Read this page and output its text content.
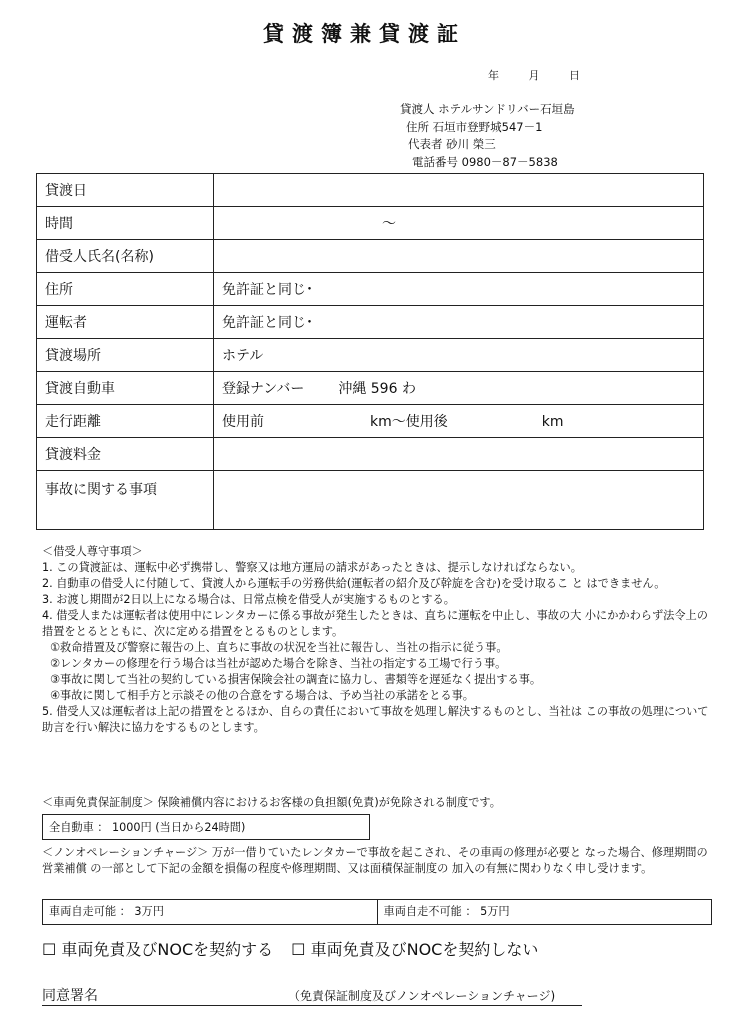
貸渡簿兼貸渡証
年 月 日
貸渡人 ホテルサンドリバー石垣島
住所 石垣市登野城547－1
代表者 砂川 榮三
電話番号 0980－87－5838
貸渡日	
時間	～
借受人氏名(名称)	
住所	免許証と同じ･
運転者	免許証と同じ･
貸渡場所	ホテル
貸渡自動車	登録ナンバー 沖縄 596 わ
走行距離	使用前 km～使用後 km
貸渡料金	
事故に関する事項	
＜借受人尊守事項＞
1. この貸渡証は、運転中必ず携帯し、警察又は地方運局の請求があったときは、提示しなければならない。
2. 自動車の借受人に付随して、貸渡人から運転手の労務供給(運転者の紹介及び幹旋を含む)を受け取るこ と はできません。
3. お渡し期間が2日以上になる場合は、日常点検を借受人が実施するものとする。
4. 借受人または運転者は使用中にレンタカーに係る事故が発生したときは、直ちに運転を中止し、事故の大 小にかかわらず法令上の措置をとるとともに、次に定める措置をとるものとします。
①救命措置及び警察に報告の上、直ちに事故の状況を当社に報告し、当社の指示に従う事。
②レンタカーの修理を行う場合は当社が認めた場合を除き、当社の指定する工場で行う事。
③事故に関して当社の契約している損害保険会社の調査に協力し、書類等を遅延なく提出する事。
④事故に関して相手方と示談その他の合意をする場合は、予め当社の承諾をとる事。
5. 借受人又は運転者は上記の措置をとるほか、自らの責任において事故を処理し解決するものとし、当社は この事故の処理について助言を行い解決に協力をするものとします。
＜車両免責保証制度＞ 保険補償内容におけるお客様の負担額(免責)が免除される制度です。
全自動車 ： 1000円 (当日から24時間)
＜ノンオペレーションチャージ＞ 万が一借りていたレンタカーで事故を起こされ、その車両の修理が必要と なった場合、修理期間の営業補償 の一部として下記の金額を損傷の程度や修理期間、又は面積保証制度の 加入の有無に関わりなく申し受けます。
車両自走可能 ： 3万円	車両自走不可能 ： 5万円
☐ 車両免責及びNOCを契約する ☐ 車両免責及びNOCを契約しない
同意署名	（免責保証制度及びノンオペレーションチャージ)
